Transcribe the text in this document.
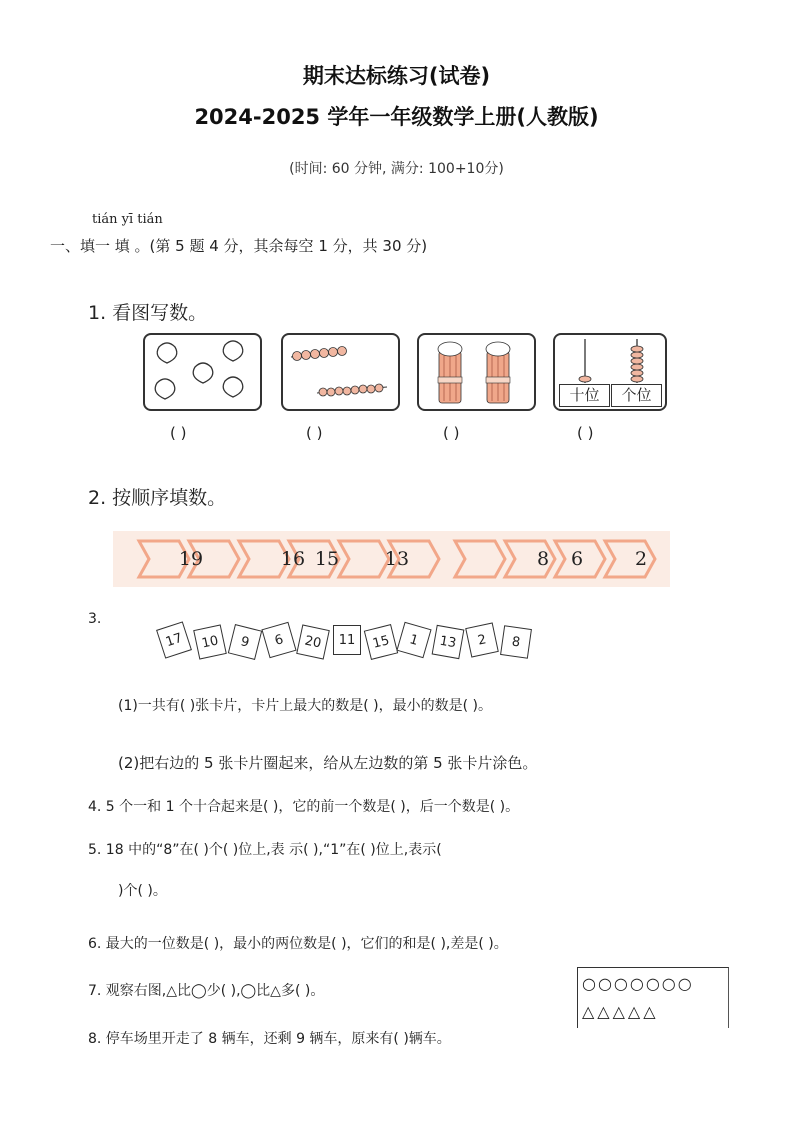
期末达标练习(试卷)
2024-2025 学年一年级数学上册(人教版)
(时间: 60 分钟, 满分: 100+10分)
tián yī tián
一、填一 填 。(第 5 题 4 分，其余每空 1 分，共 30 分)
1. 看图写数。
十位	个位
( )	( )	( )	( )
2. 按顺序填数。
19	16 15	13	8	6	2
3.
17	10	9	6	20	11	15	1	13	2	8
(1)一共有( )张卡片，卡片上最大的数是( )，最小的数是( )。
(2)把右边的 5 张卡片圈起来，给从左边数的第 5 张卡片涂色。
4. 5 个一和 1 个十合起来是( )，它的前一个数是( )，后一个数是( )。
5. 18 中的“8”在( )个( )位上,表 示( ),“1”在( )位上,表示(
)个( )。
6. 最大的一位数是( )，最小的两位数是( )，它们的和是( ),差是( )。
7. 观察右图,△比◯少( ),◯比△多( )。	○○○○○○○
△△△△△
8. 停车场里开走了 8 辆车，还剩 9 辆车，原来有( )辆车。
